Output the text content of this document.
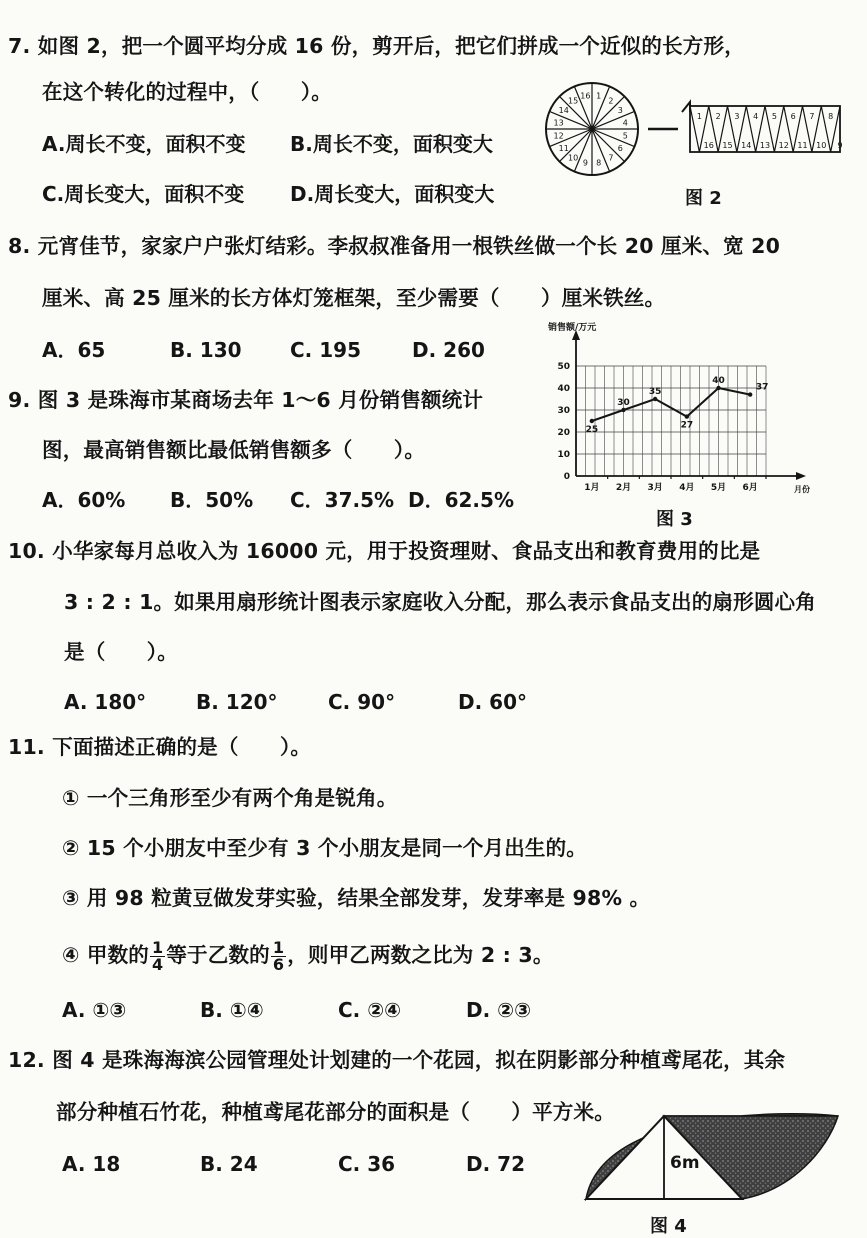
7. 如图 2，把一个圆平均分成 16 份，剪开后，把它们拼成一个近似的长方形，
在这个转化的过程中，（　　）。
A.周长不变，面积不变 B.周长不变，面积变大
C.周长变大，面积不变 D.周长变大，面积变大
1
2
3
4
5
6
7
8
9
10
11
12
13
14
15
16
1
16
2
15
3
14
4
13
5
12
6
11
7
10
8
9
图 2
8. 元宵佳节，家家户户张灯结彩。李叔叔准备用一根铁丝做一个长 20 厘米、宽 20
厘米、高 25 厘米的长方体灯笼框架，至少需要（　　）厘米铁丝。
A．65	B. 130 C. 195	D. 260
9. 图 3 是珠海市某商场去年 1～6 月份销售额统计
图，最高销售额比最低销售额多（　　）。
A．60% B．50% C．37.5% D．62.5%
0
10
20
30
40
50
销售额/万元
月份
1月 2月 3月 4月 5月 6月
25
30
35
27
40
37
图 3
10. 小华家每月总收入为 16000 元，用于投资理财、食品支出和教育费用的比是
3 : 2 : 1。如果用扇形统计图表示家庭收入分配，那么表示食品支出的扇形圆心角
是（　　）。
A. 180° B. 120°	C. 90°	D. 60°
11. 下面描述正确的是（　　）。
① 一个三角形至少有两个角是锐角。
② 15 个小朋友中至少有 3 个小朋友是同一个月出生的。
③ 用 98 粒黄豆做发芽实验，结果全部发芽，发芽率是 98% 。
④ 甲数的 $\frac{1}{4}$ 等于乙数的 $\frac{1}{6}$ ，则甲乙两数之比为 2 : 3。
A. ①③	B. ①④	C. ②④	D. ②③
12. 图 4 是珠海海滨公园管理处计划建的一个花园，拟在阴影部分种植鸢尾花，其余
部分种植石竹花，种植鸢尾花部分的面积是（　　）平方米。
A. 18	B. 24	C. 36	D. 72	6m
图 4
